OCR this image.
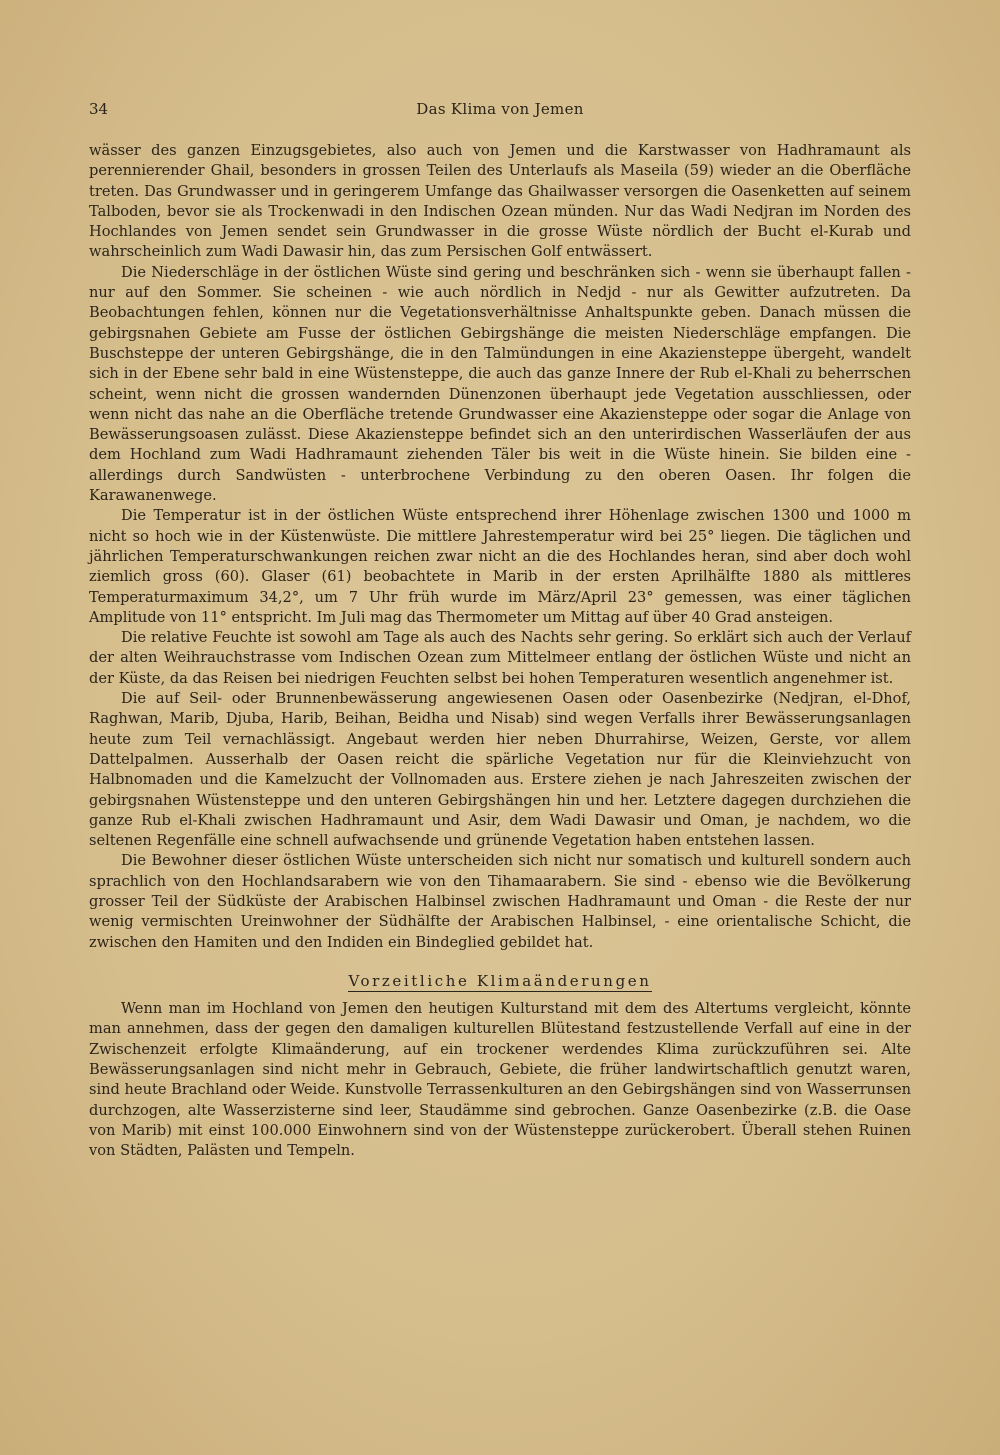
34	Das Klima von Jemen

wässer des ganzen Einzugsgebietes, also auch von Jemen und die Karstwasser von Hadhramaunt als perennierender Ghail, besonders in grossen Teilen des Unterlaufs als Maseila (59) wieder an die Oberfläche treten. Das Grundwasser und in geringerem Umfange das Ghailwasser versorgen die Oasenketten auf seinem Talboden, bevor sie als Trockenwadi in den Indischen Ozean münden. Nur das Wadi Nedjran im Norden des Hochlandes von Jemen sendet sein Grundwasser in die grosse Wüste nördlich der Bucht el-Kurab und wahrscheinlich zum Wadi Dawasir hin, das zum Persischen Golf entwässert.

Die Niederschläge in der östlichen Wüste sind gering und beschränken sich - wenn sie überhaupt fallen - nur auf den Sommer. Sie scheinen - wie auch nördlich in Nedjd - nur als Gewitter aufzutreten. Da Beobachtungen fehlen, können nur die Vegetationsverhältnisse Anhaltspunkte geben. Danach müssen die gebirgsnahen Gebiete am Fusse der östlichen Gebirgshänge die meisten Niederschläge empfangen. Die Buschsteppe der unteren Gebirgshänge, die in den Talmündungen in eine Akaziensteppe übergeht, wandelt sich in der Ebene sehr bald in eine Wüstensteppe, die auch das ganze Innere der Rub el-Khali zu beherrschen scheint, wenn nicht die grossen wandernden Dünenzonen überhaupt jede Vegetation ausschliessen, oder wenn nicht das nahe an die Oberfläche tretende Grundwasser eine Akaziensteppe oder sogar die Anlage von Bewässerungsoasen zulässt. Diese Akaziensteppe befindet sich an den unterirdischen Wasserläufen der aus dem Hochland zum Wadi Hadhramaunt ziehenden Täler bis weit in die Wüste hinein. Sie bilden eine - allerdings durch Sandwüsten - unterbrochene Verbindung zu den oberen Oasen. Ihr folgen die Karawanenwege.

Die Temperatur ist in der östlichen Wüste entsprechend ihrer Höhenlage zwischen 1300 und 1000 m nicht so hoch wie in der Küstenwüste. Die mittlere Jahrestemperatur wird bei 25° liegen. Die täglichen und jährlichen Temperaturschwankungen reichen zwar nicht an die des Hochlandes heran, sind aber doch wohl ziemlich gross (60). Glaser (61) beobachtete in Marib in der ersten Aprilhälfte 1880 als mittleres Temperaturmaximum 34,2°, um 7 Uhr früh wurde im März/April 23° gemessen, was einer täglichen Amplitude von 11° entspricht. Im Juli mag das Thermometer um Mittag auf über 40 Grad ansteigen.

Die relative Feuchte ist sowohl am Tage als auch des Nachts sehr gering. So erklärt sich auch der Verlauf der alten Weihrauchstrasse vom Indischen Ozean zum Mittelmeer entlang der östlichen Wüste und nicht an der Küste, da das Reisen bei niedrigen Feuchten selbst bei hohen Temperaturen wesentlich angenehmer ist.

Die auf Seil- oder Brunnenbewässerung angewiesenen Oasen oder Oasenbezirke (Nedjran, el-Dhof, Raghwan, Marib, Djuba, Harib, Beihan, Beidha und Nisab) sind wegen Verfalls ihrer Bewässerungsanlagen heute zum Teil vernachlässigt. Angebaut werden hier neben Dhurrahirse, Weizen, Gerste, vor allem Dattelpalmen. Ausserhalb der Oasen reicht die spärliche Vegetation nur für die Kleinviehzucht von Halbnomaden und die Kamelzucht der Vollnomaden aus. Erstere ziehen je nach Jahreszeiten zwischen der gebirgsnahen Wüstensteppe und den unteren Gebirgshängen hin und her. Letztere dagegen durchziehen die ganze Rub el-Khali zwischen Hadhramaunt und Asir, dem Wadi Dawasir und Oman, je nachdem, wo die seltenen Regenfälle eine schnell aufwachsende und grünende Vegetation haben entstehen lassen.

Die Bewohner dieser östlichen Wüste unterscheiden sich nicht nur somatisch und kulturell sondern auch sprachlich von den Hochlandsarabern wie von den Tihamaarabern. Sie sind - ebenso wie die Bevölkerung grosser Teil der Südküste der Arabischen Halbinsel zwischen Hadhramaunt und Oman - die Reste der nur wenig vermischten Ureinwohner der Südhälfte der Arabischen Halbinsel, - eine orientalische Schicht, die zwischen den Hamiten und den Indiden ein Bindeglied gebildet hat.

Vorzeitliche Klimaänderungen

Wenn man im Hochland von Jemen den heutigen Kulturstand mit dem des Altertums vergleicht, könnte man annehmen, dass der gegen den damaligen kulturellen Blütestand festzustellende Verfall auf eine in der Zwischenzeit erfolgte Klimaänderung, auf ein trockener werdendes Klima zurückzuführen sei. Alte Bewässerungsanlagen sind nicht mehr in Gebrauch, Gebiete, die früher landwirtschaftlich genutzt waren, sind heute Brachland oder Weide. Kunstvolle Terrassenkulturen an den Gebirgshängen sind von Wasserrunsen durchzogen, alte Wasserzisterne sind leer, Staudämme sind gebrochen. Ganze Oasenbezirke (z.B. die Oase von Marib) mit einst 100.000 Einwohnern sind von der Wüstensteppe zurückerobert. Überall stehen Ruinen von Städten, Palästen und Tempeln.
